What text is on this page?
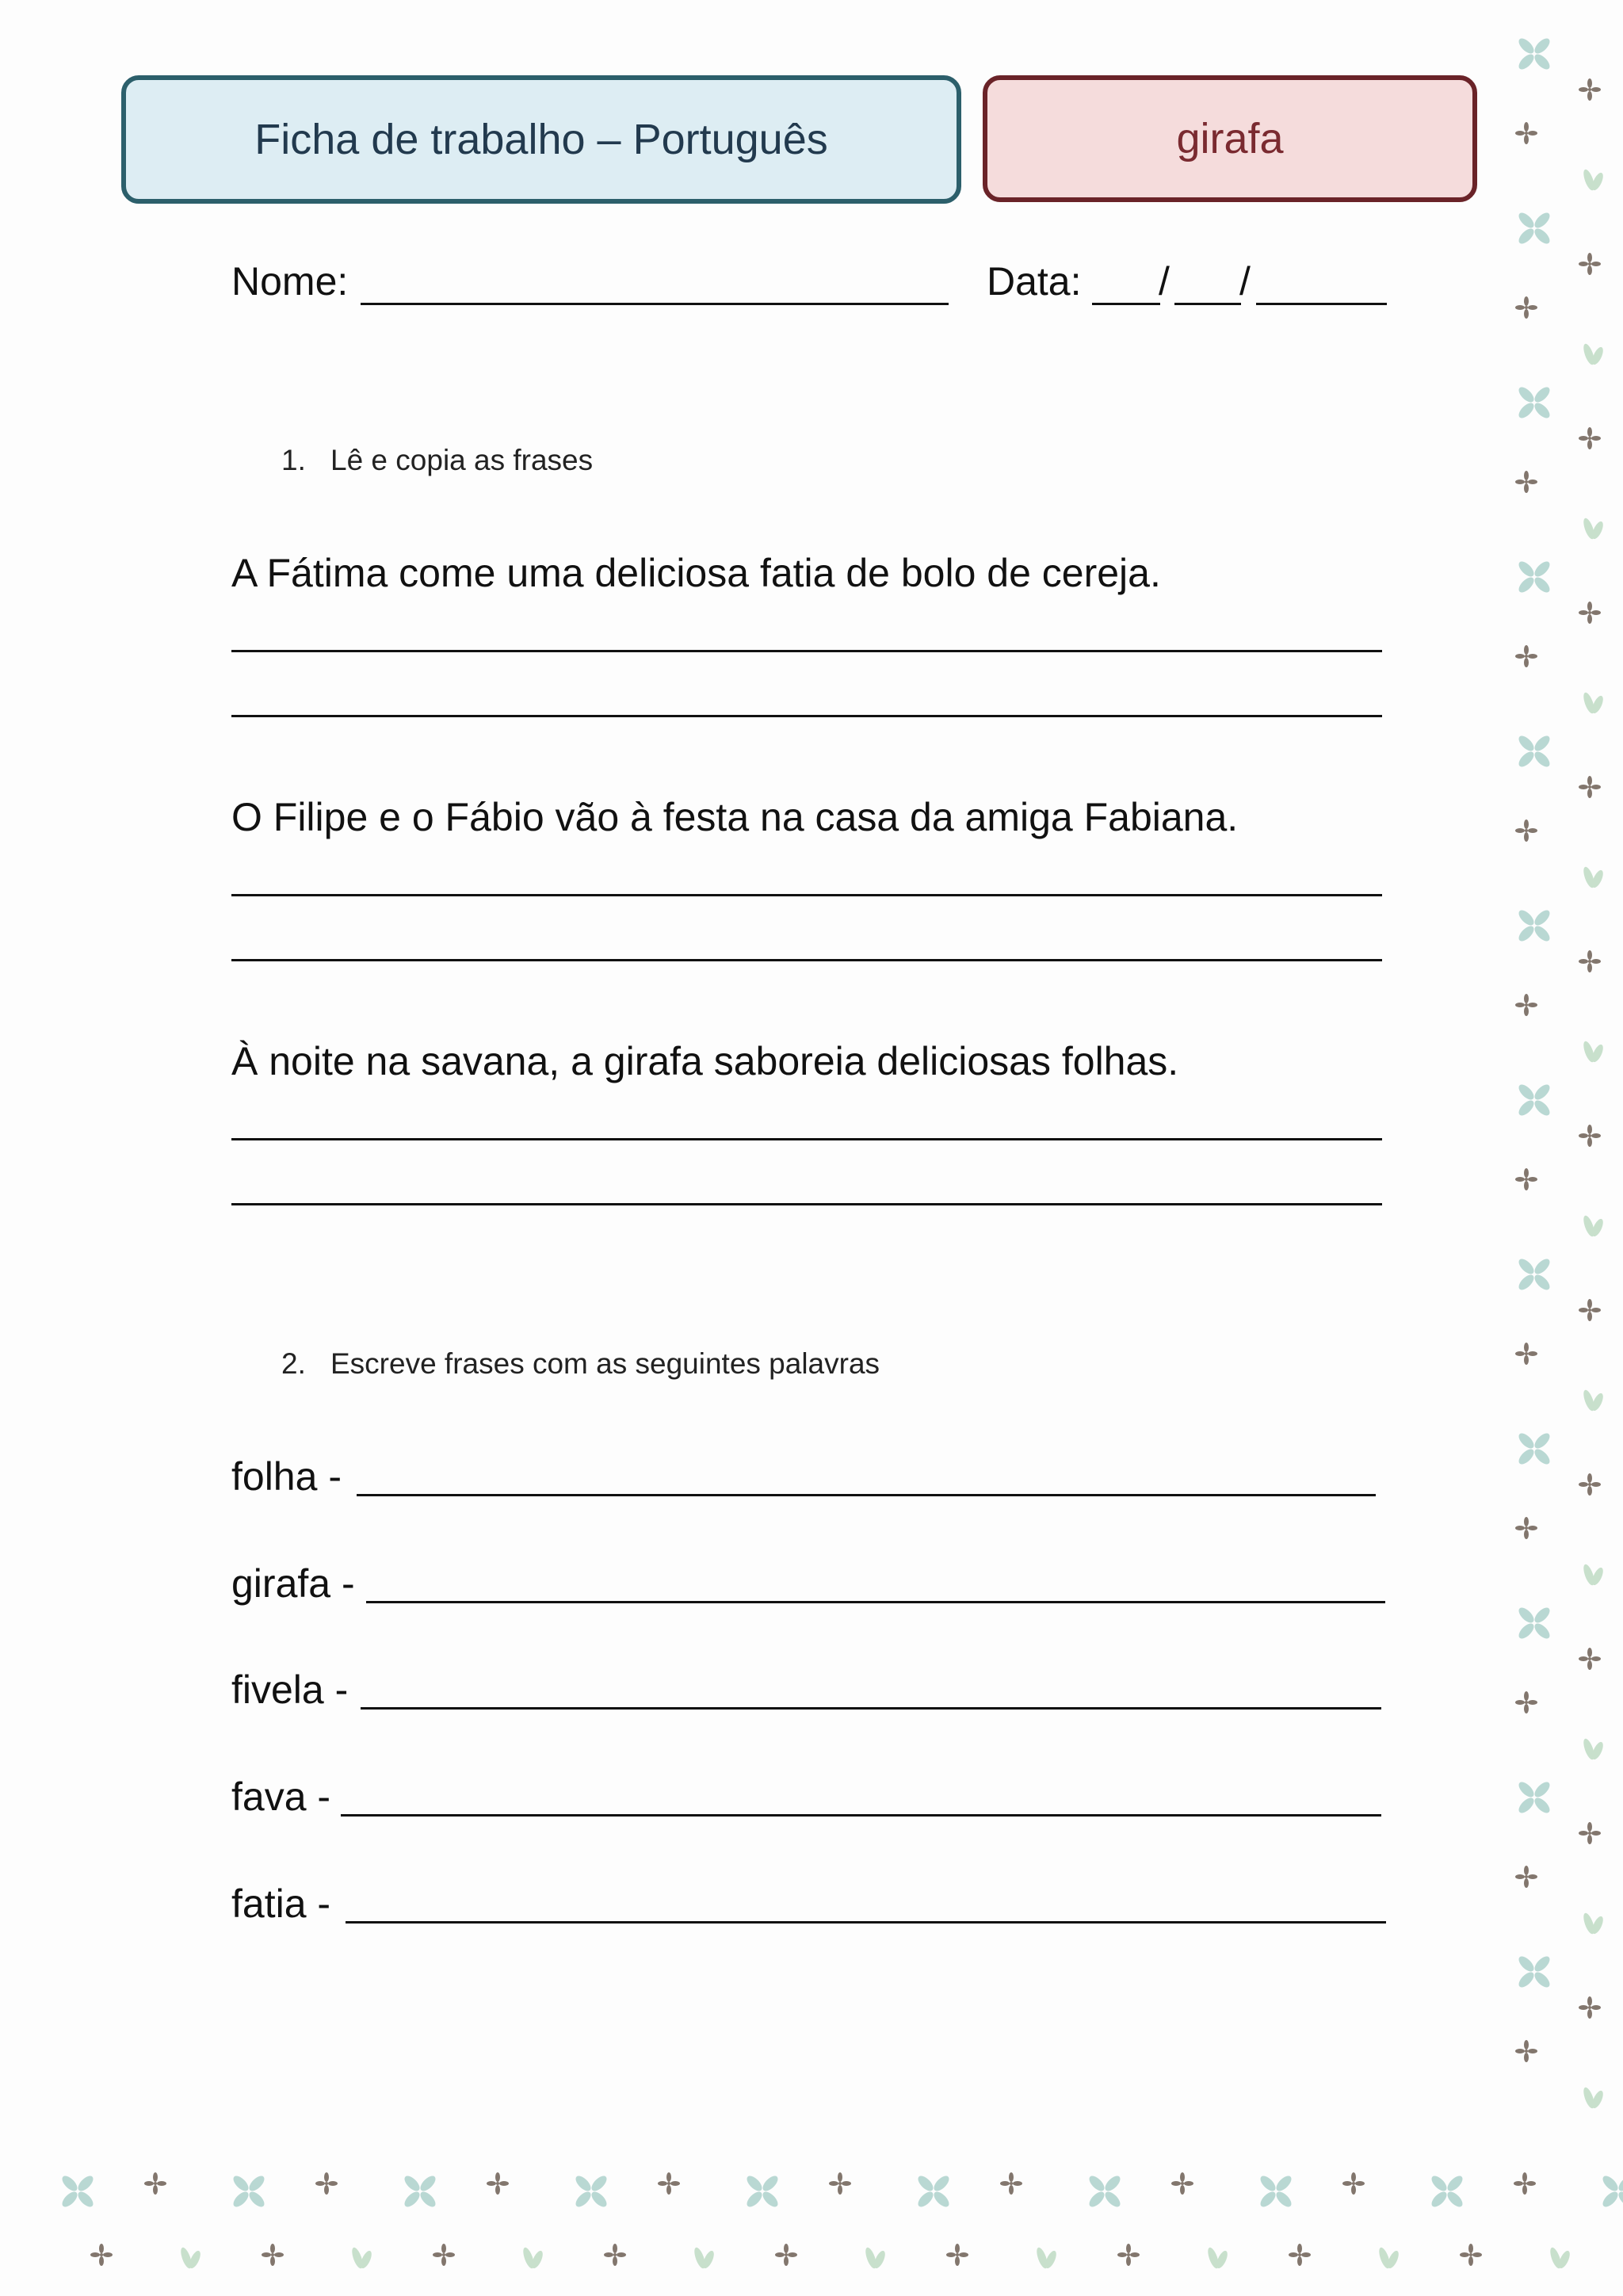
Ficha de trabalho – Português	girafa
Nome:	Data: / /
1. Lê e copia as frases
A Fátima come uma deliciosa fatia de bolo de cereja.
O Filipe e o Fábio vão à festa na casa da amiga Fabiana.
À noite na savana, a girafa saboreia deliciosas folhas.
2. Escreve frases com as seguintes palavras
folha -
girafa -
fivela -
fava -
fatia -
